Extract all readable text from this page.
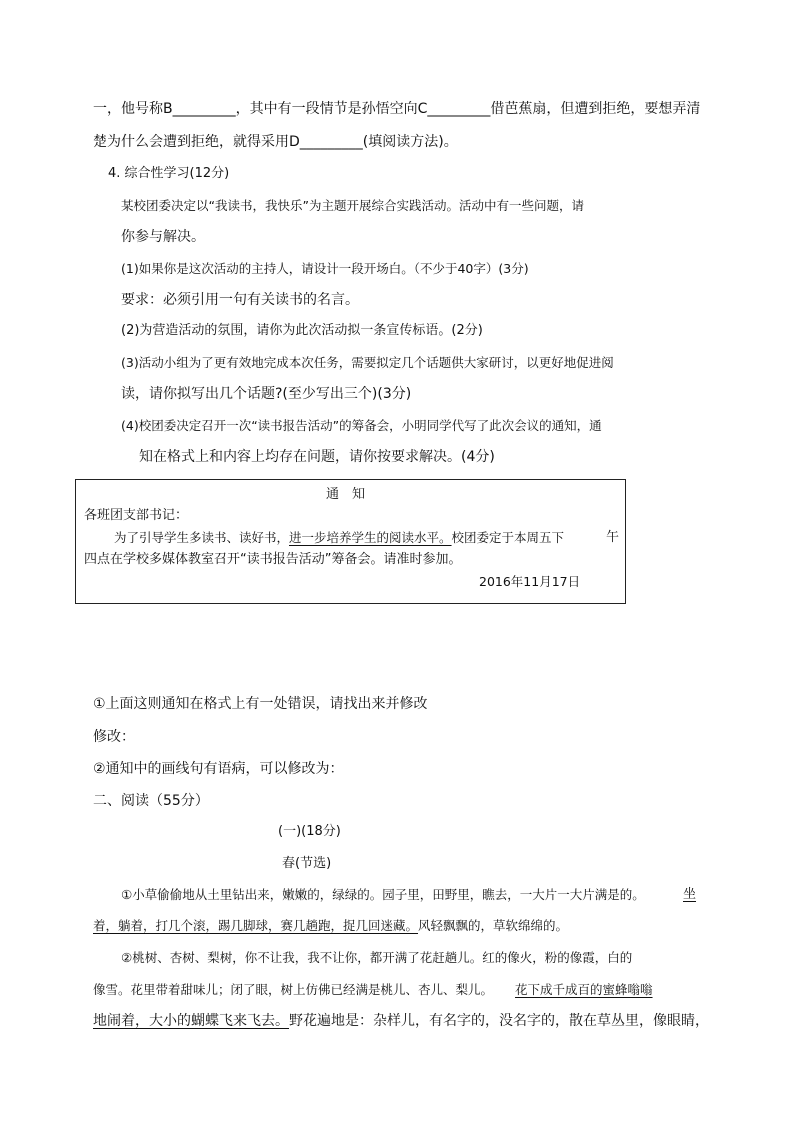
一，他号称B_________，其中有一段情节是孙悟空向C_________借芭蕉扇，但遭到拒绝，要想弄清
楚为什么会遭到拒绝，就得采用D_________(填阅读方法)。
4. 综合性学习(12分)
某校团委决定以“我读书，我快乐”为主题开展综合实践活动。活动中有一些问题，请
你参与解决。
(1)如果你是这次活动的主持人，请设计一段开场白。（不少于40字）(3分)
要求：必须引用一句有关读书的名言。
(2)为营造活动的氛围，请你为此次活动拟一条宣传标语。(2分)
(3)活动小组为了更有效地完成本次任务，需要拟定几个话题供大家研讨，以更好地促进阅
读，请你拟写出几个话题?(至少写出三个)(3分)
(4)校团委决定召开一次“读书报告活动”的筹备会，小明同学代写了此次会议的通知，通
知在格式上和内容上均存在问题，请你按要求解决。(4分)
通　知
各班团支部书记：
为了引导学生多读书、读好书，进一步培养学生的阅读水平。校团委定于本周五下	午
四点在学校多媒体教室召开“读书报告活动”筹备会。请准时参加。
2016年11月17日
①上面这则通知在格式上有一处错误，请找出来并修改
修改：
②通知中的画线句有语病，可以修改为：
二、阅读（55分）
(一)(18分)
春(节选)
①小草偷偷地从土里钻出来，嫩嫩的，绿绿的。园子里，田野里，瞧去，一大片一大片满是的。	坐
着，躺着，打几个滚，踢几脚球，赛几趟跑，捉几回迷藏。风轻飘飘的，草软绵绵的。
②桃树、杏树、梨树，你不让我，我不让你，都开满了花赶趟儿。红的像火，粉的像霞，白的
像雪。花里带着甜味儿；闭了眼，树上仿佛已经满是桃儿、杏儿、梨儿。 花下成千成百的蜜蜂嗡嗡
地闹着，大小的蝴蝶飞来飞去。野花遍地是：杂样儿，有名字的，没名字的，散在草丛里，像眼睛，
